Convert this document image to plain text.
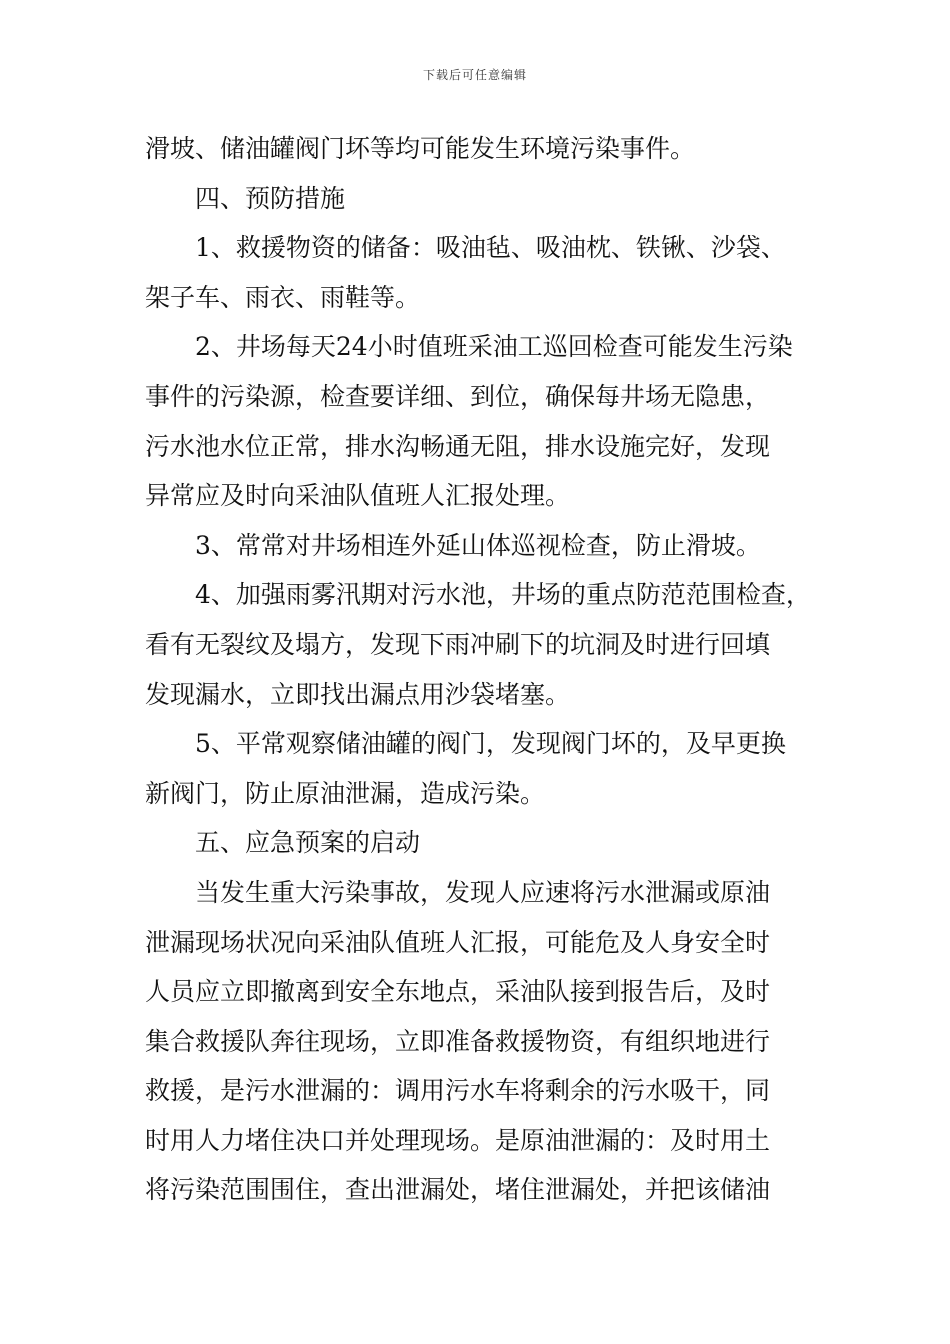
下载后可任意编辑
滑坡、储油罐阀门坏等均可能发生环境污染事件。
四、预防措施
1、救援物资的储备：吸油毡、吸油枕、铁锹、沙袋、
架子车、雨衣、雨鞋等。
2、井场每天24小时值班采油工巡回检查可能发生污染
事件的污染源，检查要详细、到位，确保每井场无隐患，
污水池水位正常，排水沟畅通无阻，排水设施完好，发现
异常应及时向采油队值班人汇报处理。
3、常常对井场相连外延山体巡视检查，防止滑坡。
4、加强雨雾汛期对污水池，井场的重点防范范围检查，
看有无裂纹及塌方，发现下雨冲刷下的坑洞及时进行回填
发现漏水，立即找出漏点用沙袋堵塞。
5、平常观察储油罐的阀门，发现阀门坏的，及早更换
新阀门，防止原油泄漏，造成污染。
五、应急预案的启动
当发生重大污染事故，发现人应速将污水泄漏或原油
泄漏现场状况向采油队值班人汇报，可能危及人身安全时
人员应立即撤离到安全东地点，采油队接到报告后，及时
集合救援队奔往现场，立即准备救援物资，有组织地进行
救援，是污水泄漏的：调用污水车将剩余的污水吸干，同
时用人力堵住决口并处理现场。是原油泄漏的：及时用土
将污染范围围住，查出泄漏处，堵住泄漏处，并把该储油
